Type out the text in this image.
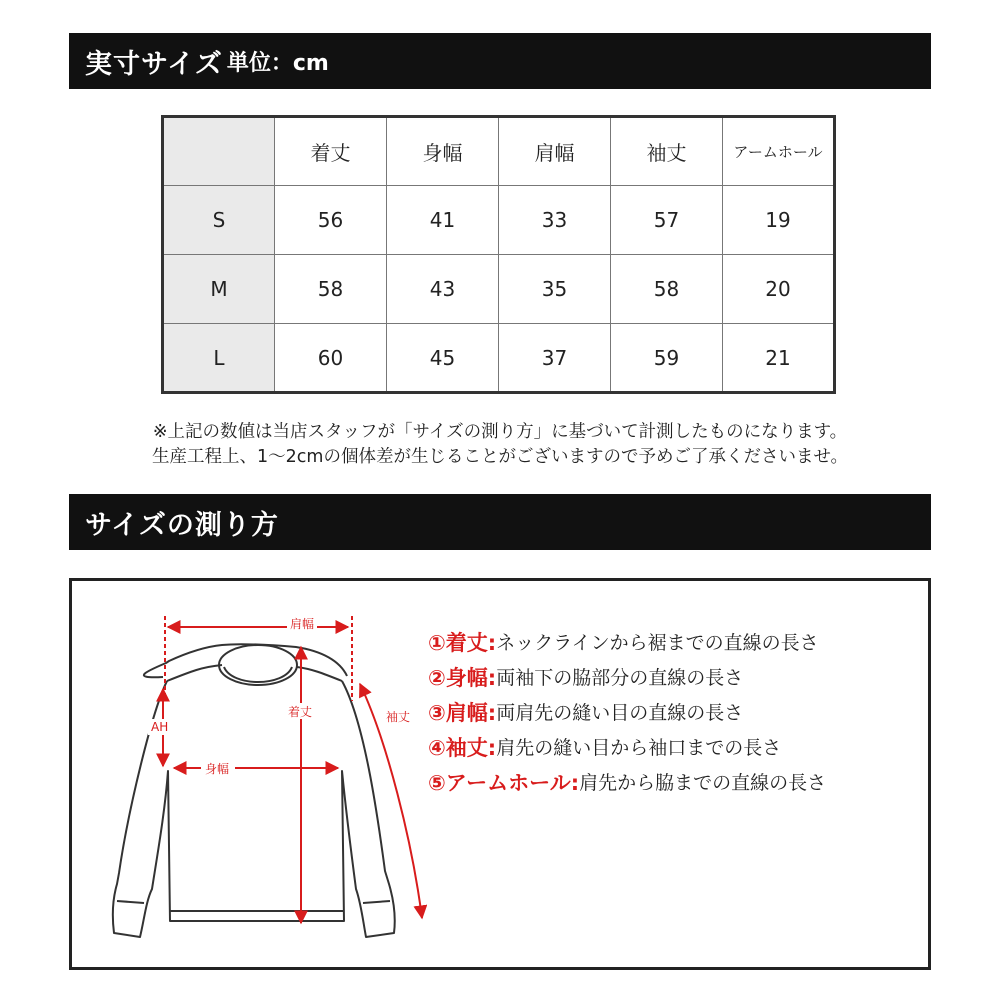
実寸サイズ 単位：cm
	着丈	身幅	肩幅	袖丈	アームホール
S	56	41	33	57	19
M	58	43	35	58	20
L	60	45	37	59	21
※上記の数値は当店スタッフが「サイズの測り方」に基づいて計測したものになります。
生産工程上、1〜2cmの個体差が生じることがございますので予めご了承くださいませ。
サイズの測り方
肩幅
着丈	袖丈
AH
身幅
①着丈: ネックラインから裾までの直線の長さ
②身幅: 両袖下の脇部分の直線の長さ
③肩幅: 両肩先の縫い目の直線の長さ
④袖丈: 肩先の縫い目から袖口までの長さ
⑤アームホール: 肩先から脇までの直線の長さ
